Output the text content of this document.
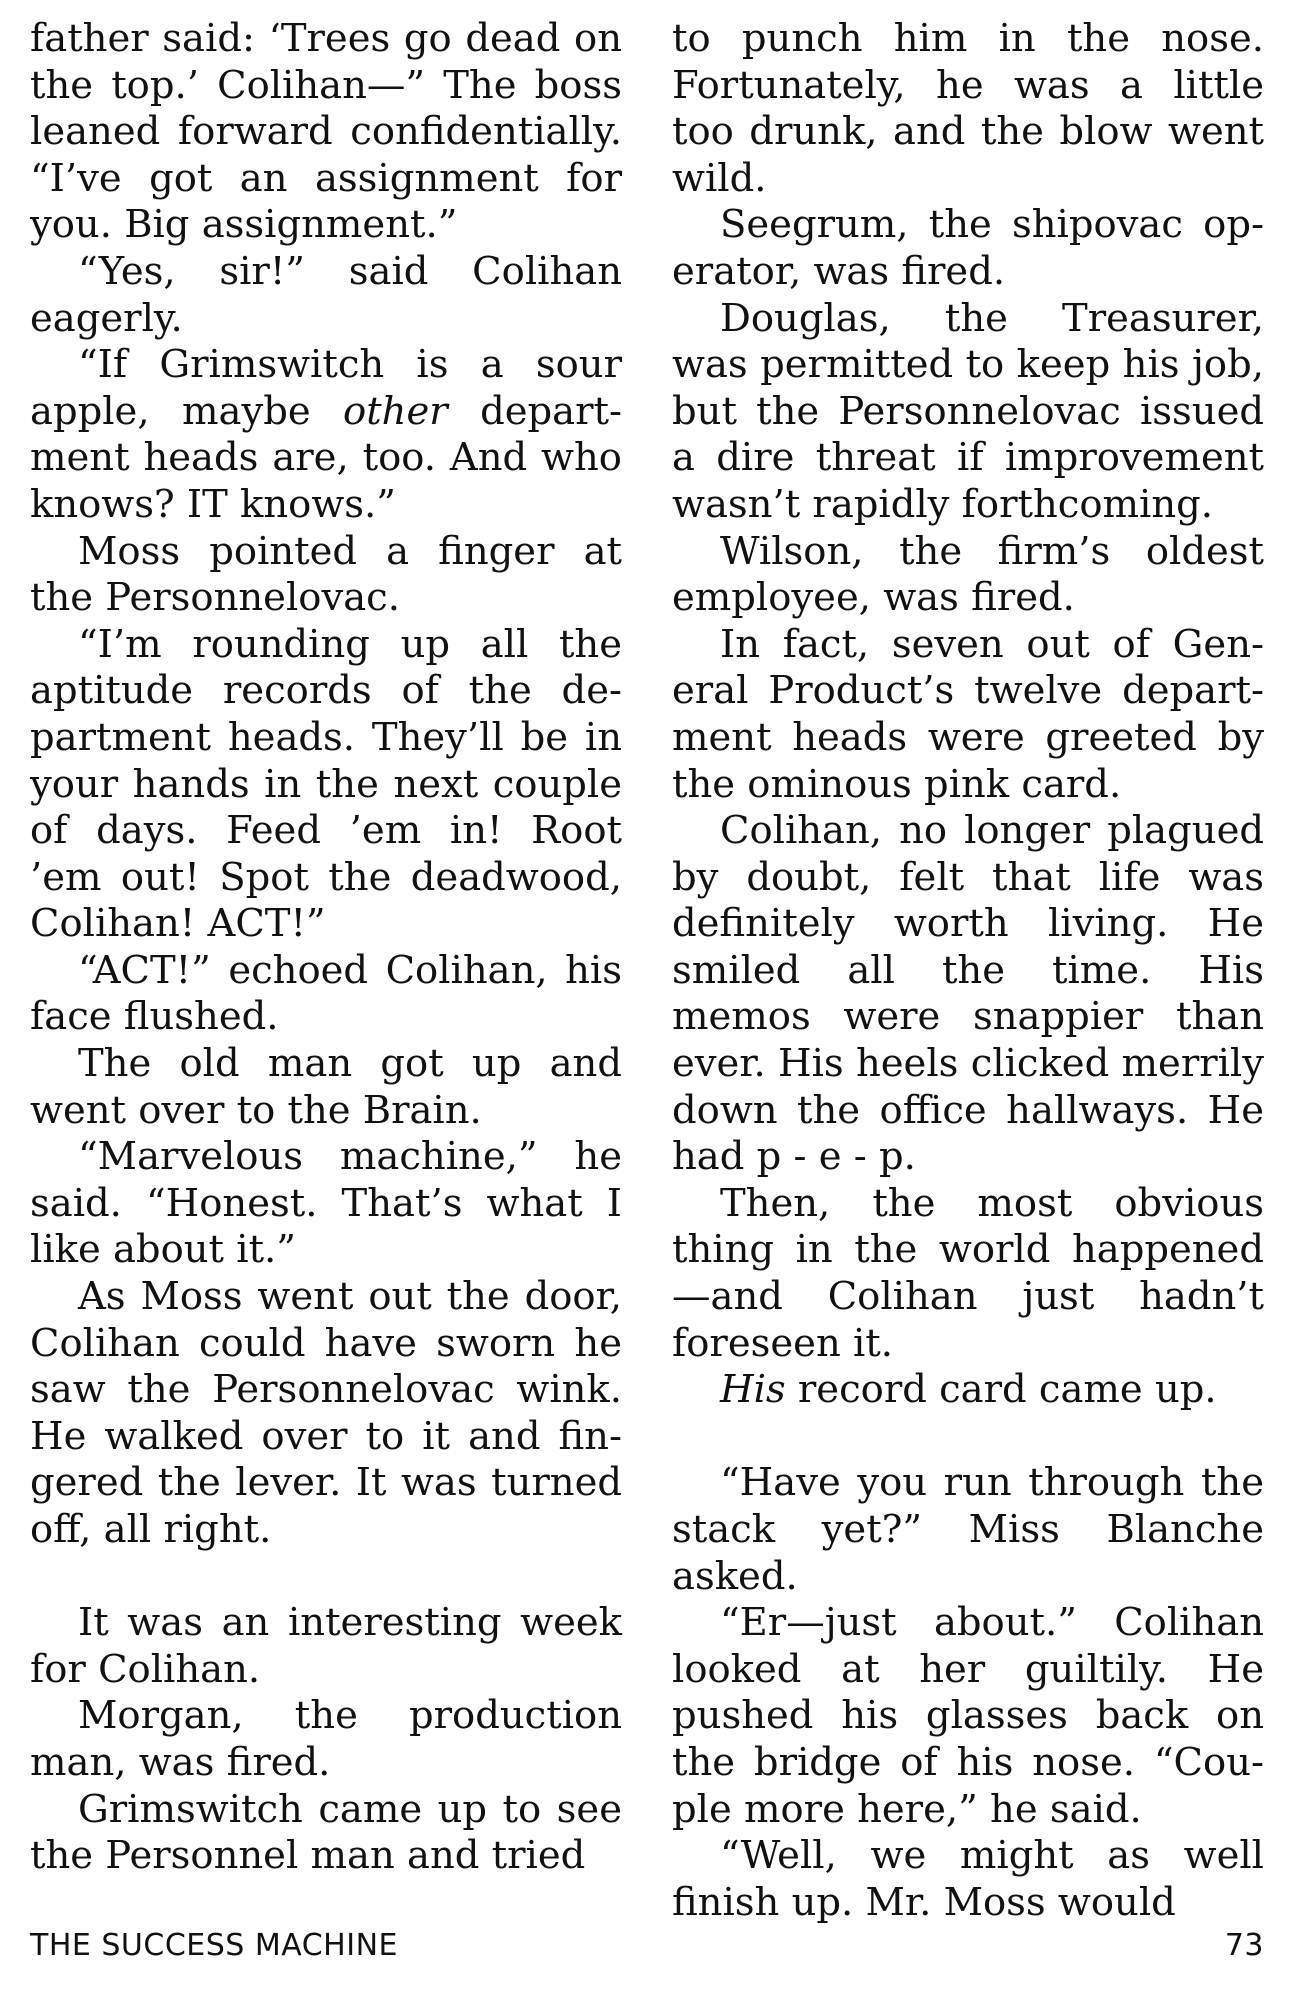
father said: ‘Trees go dead on the top.’ Colihan—” The boss leaned forward confidentially. “I’ve got an assignment for you. Big assignment.”

“Yes, sir!” said Colihan eagerly.

“If Grimswitch is a sour apple, maybe other department heads are, too. And who knows? IT knows.”

Moss pointed a finger at the Personnelovac.

“I’m rounding up all the aptitude records of the department heads. They’ll be in your hands in the next couple of days. Feed ’em in! Root ’em out! Spot the deadwood, Colihan! ACT!”

“ACT!” echoed Colihan, his face flushed.

The old man got up and went over to the Brain.

“Marvelous machine,” he said. “Honest. That’s what I like about it.”

As Moss went out the door, Colihan could have sworn he saw the Personnelovac wink. He walked over to it and fingered the lever. It was turned off, all right.

It was an interesting week for Colihan.

Morgan, the production man, was fired.

Grimswitch came up to see the Personnel man and tried

to punch him in the nose. Fortunately, he was a little too drunk, and the blow went wild.

Seegrum, the shipovac operator, was fired.

Douglas, the Treasurer, was permitted to keep his job, but the Personnelovac issued a dire threat if improvement wasn’t rapidly forthcoming.

Wilson, the firm’s oldest employee, was fired.

In fact, seven out of General Product’s twelve department heads were greeted by the ominous pink card.

Colihan, no longer plagued by doubt, felt that life was definitely worth living. He smiled all the time. His memos were snappier than ever. His heels clicked merrily down the office hallways. He had p - e - p.

Then, the most obvious thing in the world happened —and Colihan just hadn’t foreseen it.

His record card came up.

“Have you run through the stack yet?” Miss Blanche asked.

“Er—just about.” Colihan looked at her guiltily. He pushed his glasses back on the bridge of his nose. “Couple more here,” he said.

“Well, we might as well finish up. Mr. Moss would

THE SUCCESS MACHINE	73
